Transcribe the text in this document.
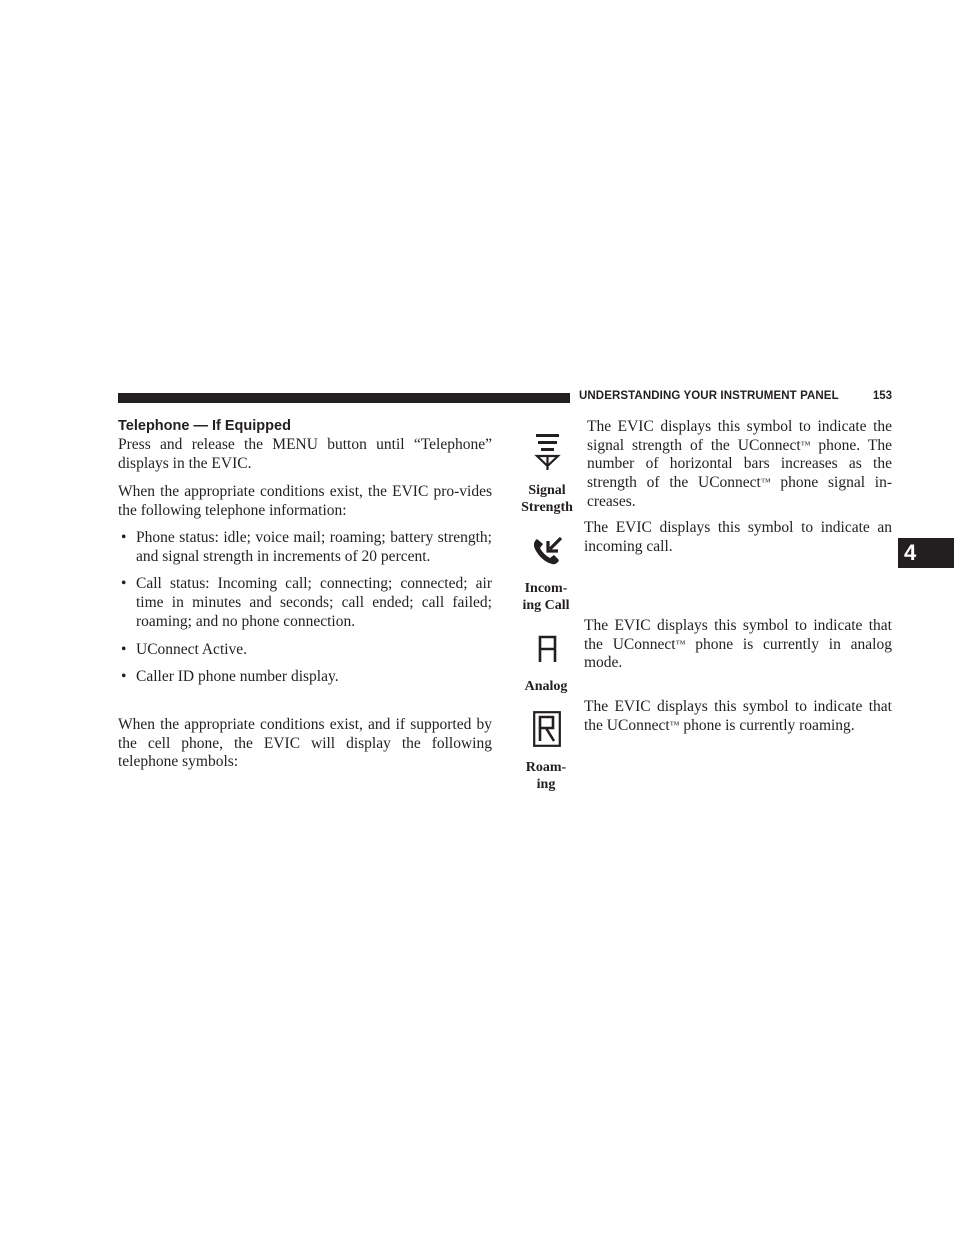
UNDERSTANDING YOUR INSTRUMENT PANEL	153
4
Telephone — If Equipped

Press and release the MENU button until “Telephone” displays in the EVIC.

When the appropriate conditions exist, the EVIC pro-vides the following telephone information:

• Phone status: idle; voice mail; roaming; battery strength; and signal strength in increments of 20 percent.
• Call status: Incoming call; connecting; connected; air time in minutes and seconds; call ended; call failed; roaming; and no phone connection.
• UConnect Active.
• Caller ID phone number display.

When the appropriate conditions exist, and if supported by the cell phone, the EVIC will display the following telephone symbols:

Signal
Strength

The EVIC displays this symbol to indicate the signal strength of the UConnect™ phone. The number of horizontal bars increases as the strength of the UConnect™ phone signal in-creases.

Incom-
ing Call

The EVIC displays this symbol to indicate an incoming call.

Analog

The EVIC displays this symbol to indicate that the UConnect™ phone is currently in analog mode.

Roam-
ing

The EVIC displays this symbol to indicate that the UConnect™ phone is currently roaming.
